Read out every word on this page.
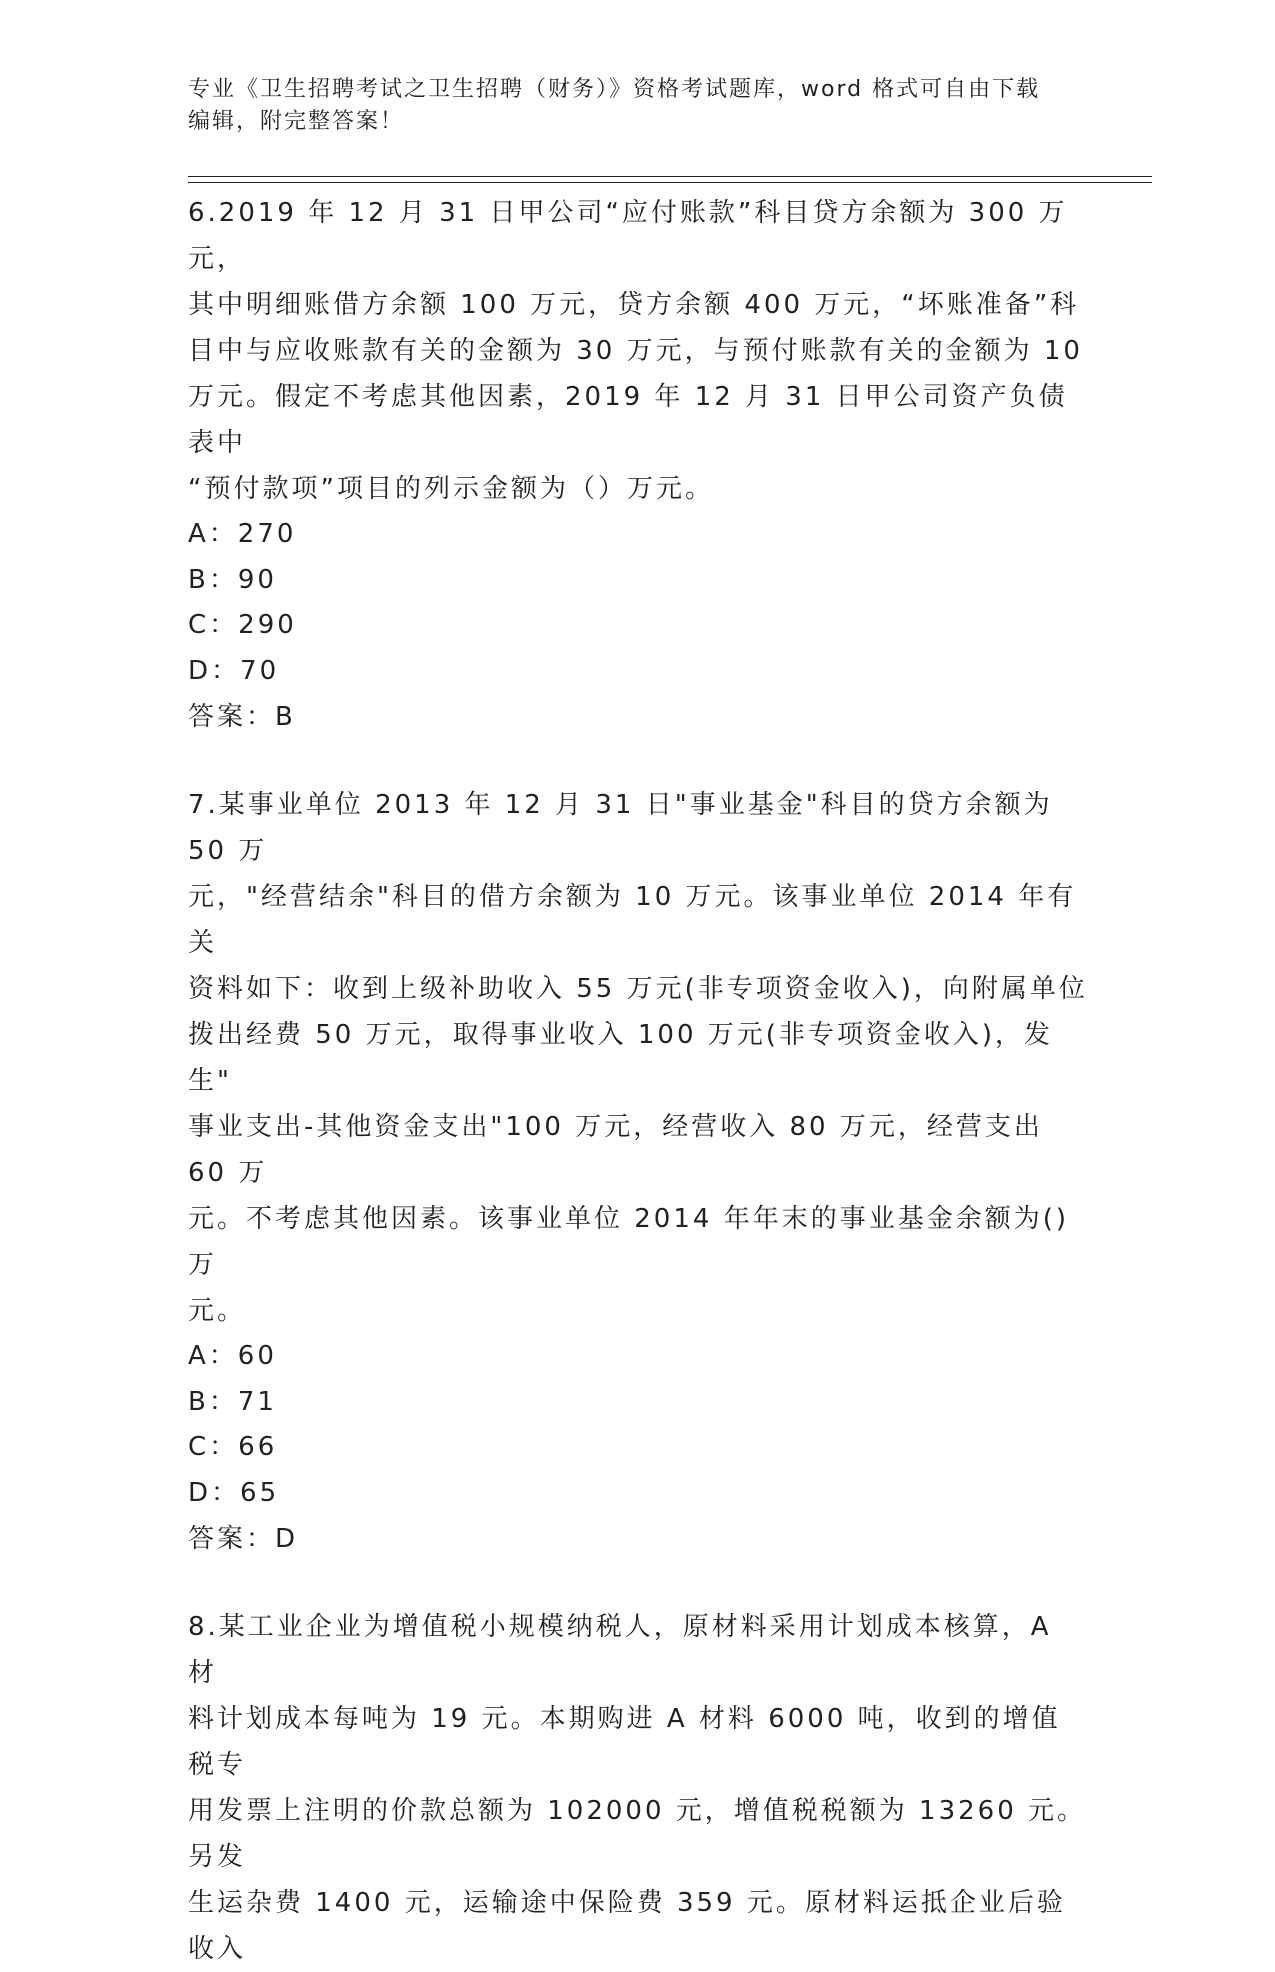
专业《卫生招聘考试之卫生招聘（财务）》资格考试题库，word 格式可自由下载
编辑，附完整答案！

6.2019 年 12 月 31 日甲公司“应付账款”科目贷方余额为 300 万元，

其中明细账借方余额 100 万元，贷方余额 400 万元，“坏账准备”科

目中与应收账款有关的金额为 30 万元，与预付账款有关的金额为 10

万元。假定不考虑其他因素，2019 年 12 月 31 日甲公司资产负债表中

“预付款项”项目的列示金额为（）万元。

A：270

B：90

C：290

D：70

答案：B

7.某事业单位 2013 年 12 月 31 日"事业基金"科目的贷方余额为 50 万

元，"经营结余"科目的借方余额为 10 万元。该事业单位 2014 年有关

资料如下：收到上级补助收入 55 万元(非专项资金收入)，向附属单位

拨出经费 50 万元，取得事业收入 100 万元(非专项资金收入)，发生"

事业支出-其他资金支出"100 万元，经营收入 80 万元，经营支出 60 万

元。不考虑其他因素。该事业单位 2014 年年末的事业基金余额为()万

元。

A：60

B：71

C：66

D：65

答案：D

8.某工业企业为增值税小规模纳税人，原材料采用计划成本核算，A 材

料计划成本每吨为 19 元。本期购进 A 材料 6000 吨，收到的增值税专

用发票上注明的价款总额为 102000 元，增值税税额为 13260 元。另发

生运杂费 1400 元，运输途中保险费 359 元。原材料运抵企业后验收入
